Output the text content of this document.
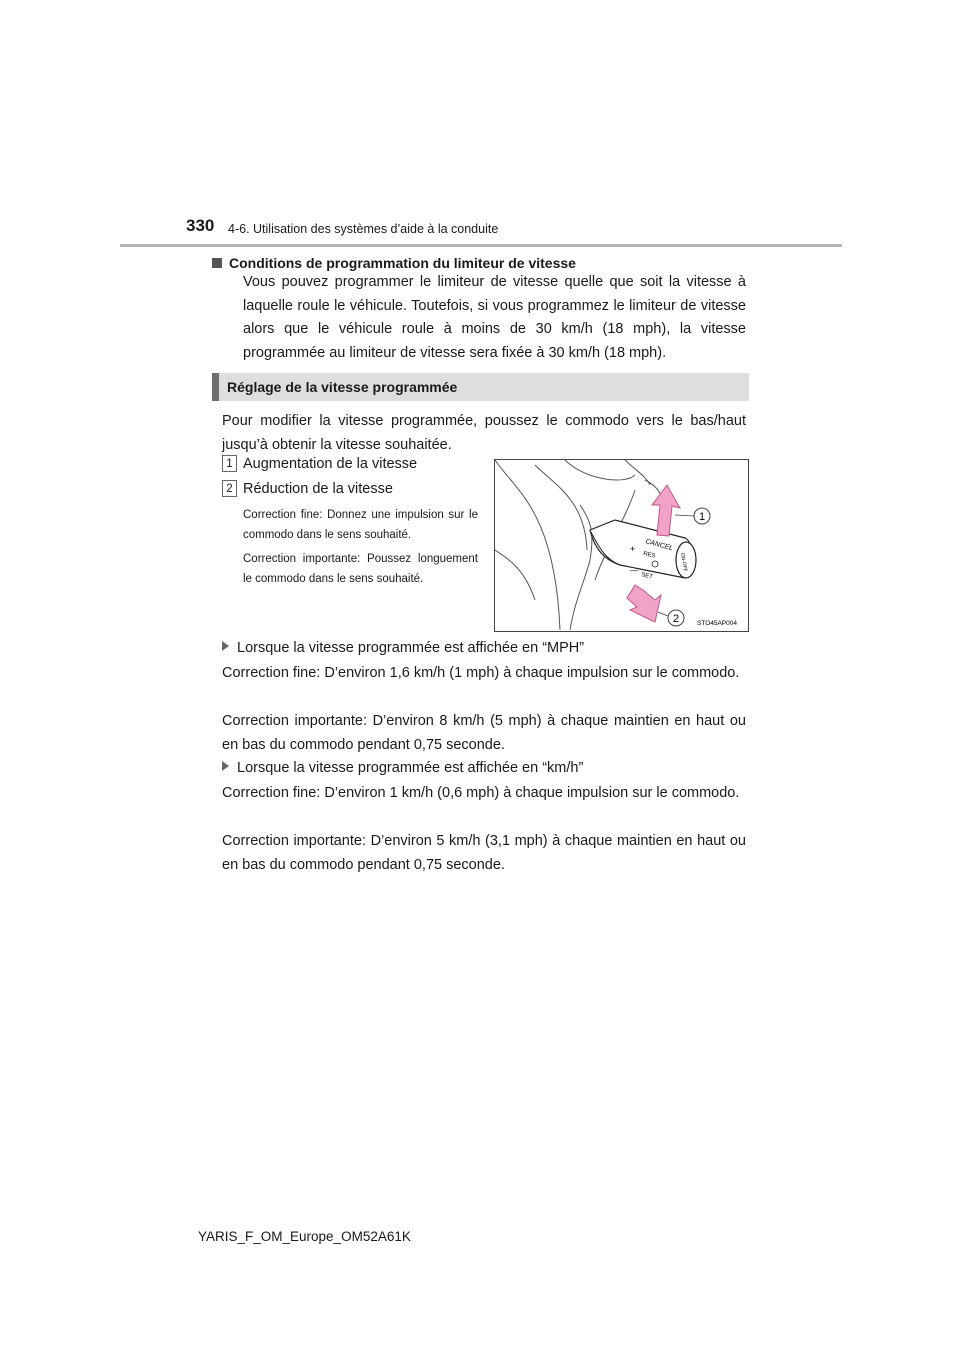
330 4-6. Utilisation des systèmes d’aide à la conduite
Conditions de programmation du limiteur de vitesse
Vous pouvez programmer le limiteur de vitesse quelle que soit la vitesse à laquelle roule le véhicule. Toutefois, si vous programmez le limiteur de vitesse alors que le véhicule roule à moins de 30 km/h (18 mph), la vitesse programmée au limiteur de vitesse sera fixée à 30 km/h (18 mph).
Réglage de la vitesse programmée
Pour modifier la vitesse programmée, poussez le commodo vers le bas/haut jusqu’à obtenir la vitesse souhaitée.
1 Augmentation de la vitesse
2 Réduction de la vitesse
Correction fine: Donnez une impulsion sur le commodo dans le sens souhaité.
Correction importante: Poussez longuement le commodo dans le sens souhaité.
CANCEL
+
RES
—
SET
ON-OFF
1
2	STO45AP004
Lorsque la vitesse programmée est affichée en “MPH”
Correction fine: D’environ 1,6 km/h (1 mph) à chaque impulsion sur le commodo.
Correction importante: D’environ 8 km/h (5 mph) à chaque maintien en haut ou en bas du commodo pendant 0,75 seconde.
Lorsque la vitesse programmée est affichée en “km/h”
Correction fine: D’environ 1 km/h (0,6 mph) à chaque impulsion sur le commodo.
Correction importante: D’environ 5 km/h (3,1 mph) à chaque maintien en haut ou en bas du commodo pendant 0,75 seconde.
YARIS_F_OM_Europe_OM52A61K
